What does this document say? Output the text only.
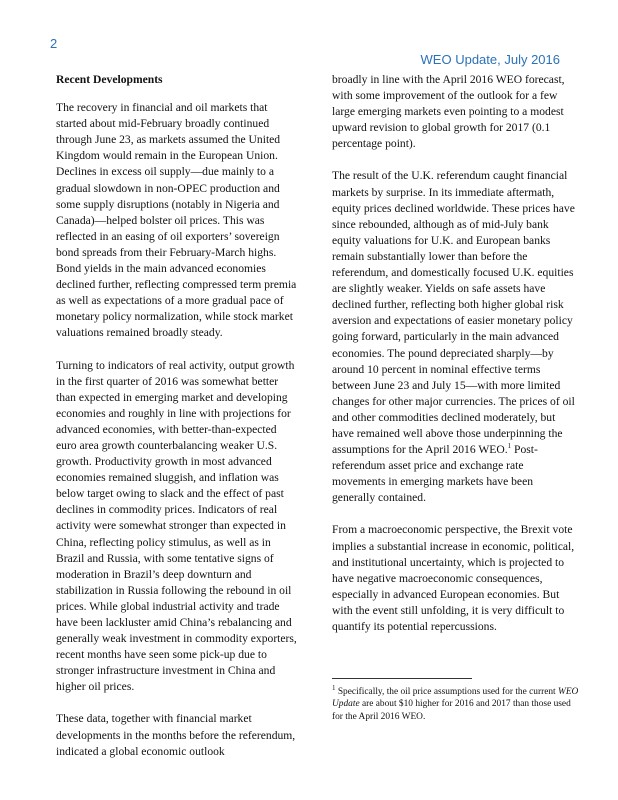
2
WEO Update, July 2016
Recent Developments

The recovery in financial and oil markets that started about mid-February broadly continued through June 23, as markets assumed the United Kingdom would remain in the European Union. Declines in excess oil supply—due mainly to a gradual slowdown in non-OPEC production and some supply disruptions (notably in Nigeria and Canada)—helped bolster oil prices. This was reflected in an easing of oil exporters’ sovereign bond spreads from their February-March highs. Bond yields in the main advanced economies declined further, reflecting compressed term premia as well as expectations of a more gradual pace of monetary policy normalization, while stock market valuations remained broadly steady.

Turning to indicators of real activity, output growth in the first quarter of 2016 was somewhat better than expected in emerging market and developing economies and roughly in line with projections for advanced economies, with better-than-expected euro area growth counterbalancing weaker U.S. growth. Productivity growth in most advanced economies remained sluggish, and inflation was below target owing to slack and the effect of past declines in commodity prices. Indicators of real activity were somewhat stronger than expected in China, reflecting policy stimulus, as well as in Brazil and Russia, with some tentative signs of moderation in Brazil’s deep downturn and stabilization in Russia following the rebound in oil prices. While global industrial activity and trade have been lackluster amid China’s rebalancing and generally weak investment in commodity exporters, recent months have seen some pick-up due to stronger infrastructure investment in China and higher oil prices.

These data, together with financial market developments in the months before the referendum, indicated a global economic outlook

broadly in line with the April 2016 WEO forecast, with some improvement of the outlook for a few large emerging markets even pointing to a modest upward revision to global growth for 2017 (0.1 percentage point).

The result of the U.K. referendum caught financial markets by surprise. In its immediate aftermath, equity prices declined worldwide. These prices have since rebounded, although as of mid-July bank equity valuations for U.K. and European banks remain substantially lower than before the referendum, and domestically focused U.K. equities are slightly weaker. Yields on safe assets have declined further, reflecting both higher global risk aversion and expectations of easier monetary policy going forward, particularly in the main advanced economies. The pound depreciated sharply—by around 10 percent in nominal effective terms between June 23 and July 15—with more limited changes for other major currencies. The prices of oil and other commodities declined moderately, but have remained well above those underpinning the assumptions for the April 2016 WEO.$^1$ Post-referendum asset price and exchange rate movements in emerging markets have been generally contained.

From a macroeconomic perspective, the Brexit vote implies a substantial increase in economic, political, and institutional uncertainty, which is projected to have negative macroeconomic consequences, especially in advanced European economies. But with the event still unfolding, it is very difficult to quantify its potential repercussions.

$^1$ Specifically, the oil price assumptions used for the current WEO Update are about $10 higher for 2016 and 2017 than those used for the April 2016 WEO.
